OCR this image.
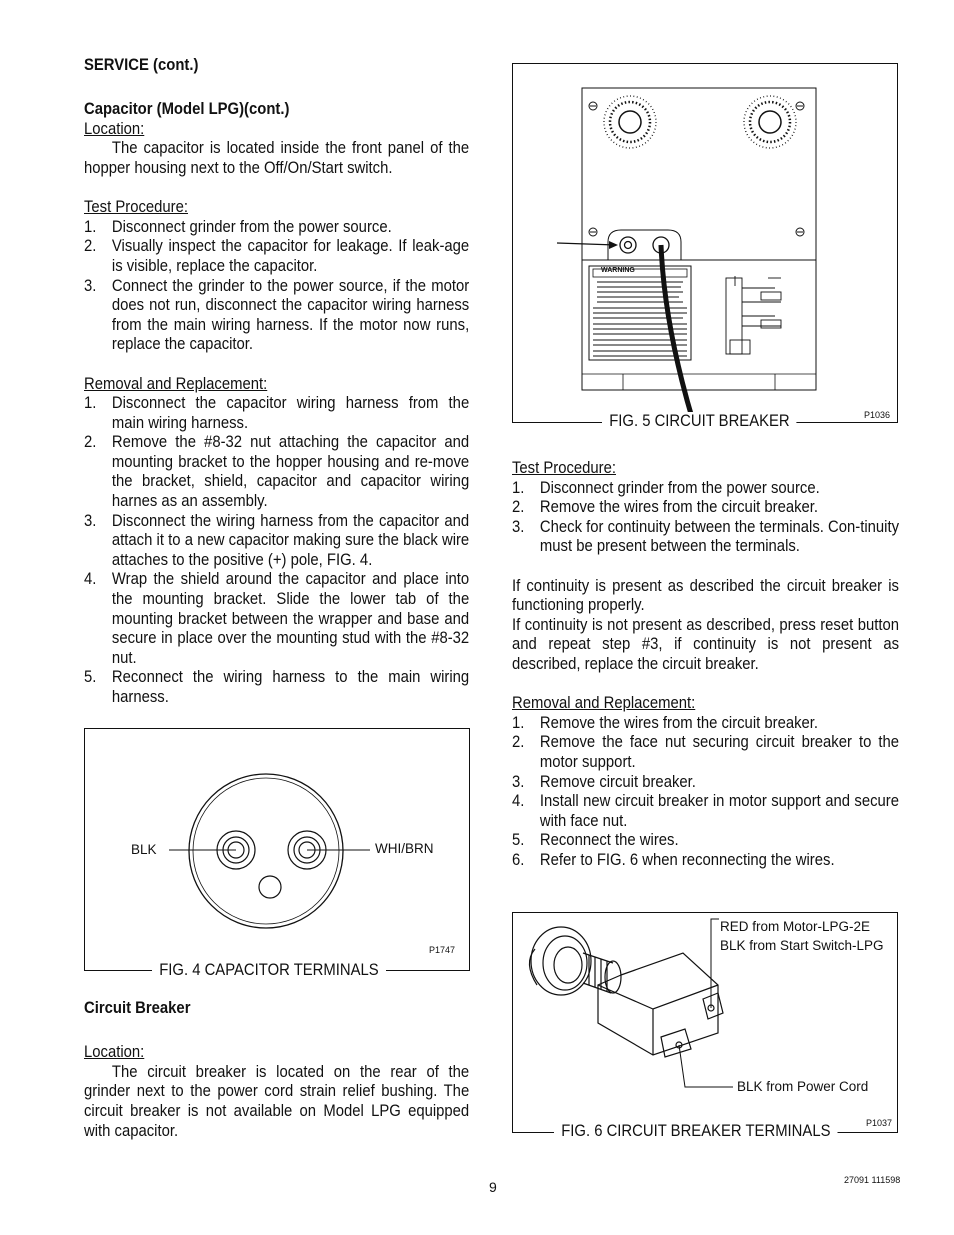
SERVICE (cont.)

Capacitor (Model LPG)(cont.)

Location:

The capacitor is located inside the front panel of the hopper housing next to the Off/On/Start switch.

Test Procedure:

1. Disconnect grinder from the power source.
2. Visually inspect the capacitor for leakage. If leak-age is visible, replace the capacitor.
3. Connect the grinder to the power source, if the motor does not run, disconnect the capacitor wiring harness from the main wiring harness. If the motor now runs, replace the capacitor.

Removal and Replacement:

1. Disconnect the capacitor wiring harness from the main wiring harness.
2. Remove the #8-32 nut attaching the capacitor and mounting bracket to the hopper housing and re-move the bracket, shield, capacitor and capacitor wiring harnes as an assembly.
3. Disconnect the wiring harness from the capacitor and attach it to a new capacitor making sure the black wire attaches to the positive (+) pole, FIG. 4.
4. Wrap the shield around the capacitor and place into the mounting bracket. Slide the lower tab of the mounting bracket between the wrapper and base and secure in place over the mounting stud with the #8-32 nut.
5. Reconnect the wiring harness to the main wiring harness.
BLK	WHI/BRN
P1747
FIG. 4 CAPACITOR TERMINALS

Circuit Breaker

Location:

The circuit breaker is located on the rear of the grinder next to the power cord strain relief bushing. The circuit breaker is not available on Model LPG equipped with capacitor.

WARNING
P1036
FIG. 5 CIRCUIT BREAKER

Test Procedure:

1. Disconnect grinder from the power source.
2. Remove the wires from the circuit breaker.
3. Check for continuity between the terminals. Con-tinuity must be present between the terminals.

If continuity is present as described the circuit breaker is functioning properly.

If continuity is not present as described, press reset button and repeat step #3, if continuity is not present as described, replace the circuit breaker.

Removal and Replacement:

1. Remove the wires from the circuit breaker.
2. Remove the face nut securing circuit breaker to the motor support.
3. Remove circuit breaker.
4. Install new circuit breaker in motor support and secure with face nut.
5. Reconnect the wires.
6. Refer to FIG. 6 when reconnecting the wires.
RED from Motor-LPG-2E
BLK from Start Switch-LPG
BLK from Power Cord
P1037
FIG. 6 CIRCUIT BREAKER TERMINALS
9	27091 111598
